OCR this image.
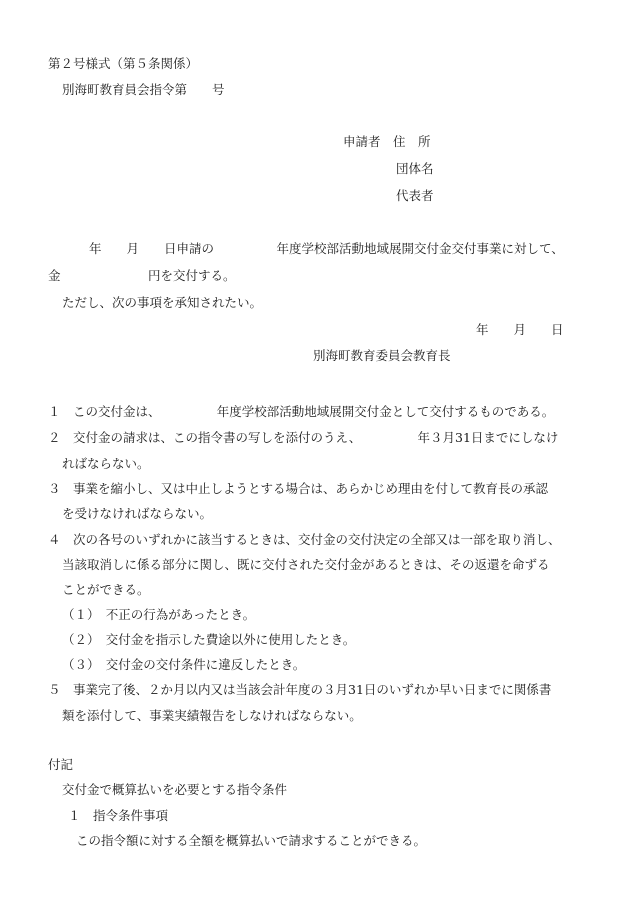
第２号様式（第５条関係）
別海町教育員会指令第　　号
申請者　住　所
団体名
代表者
年　　月　　日申請の　　　　　年度学校部活動地域展開交付金交付事業に対して、
金　　　　　　　円を交付する。
ただし、次の事項を承知されたい。
年　　月　　日
別海町教育委員会教育長
１　この交付金は、　　　　　年度学校部活動地域展開交付金として交付するものである。
２　交付金の請求は、この指令書の写しを添付のうえ、　　　　　年３月31日までにしなけ
ればならない。
３　事業を縮小し、又は中止しようとする場合は、あらかじめ理由を付して教育長の承認
を受けなければならない。
４　次の各号のいずれかに該当するときは、交付金の交付決定の全部又は一部を取り消し、
当該取消しに係る部分に関し、既に交付された交付金があるときは、その返還を命ずる
ことができる。
（１）　不正の行為があったとき。
（２）　交付金を指示した費途以外に使用したとき。
（３）　交付金の交付条件に違反したとき。
５　事業完了後、２か月以内又は当該会計年度の３月31日のいずれか早い日までに関係書
類を添付して、事業実績報告をしなければならない。
付記
交付金で概算払いを必要とする指令条件
１　指令条件事項
この指令額に対する全額を概算払いで請求することができる。
